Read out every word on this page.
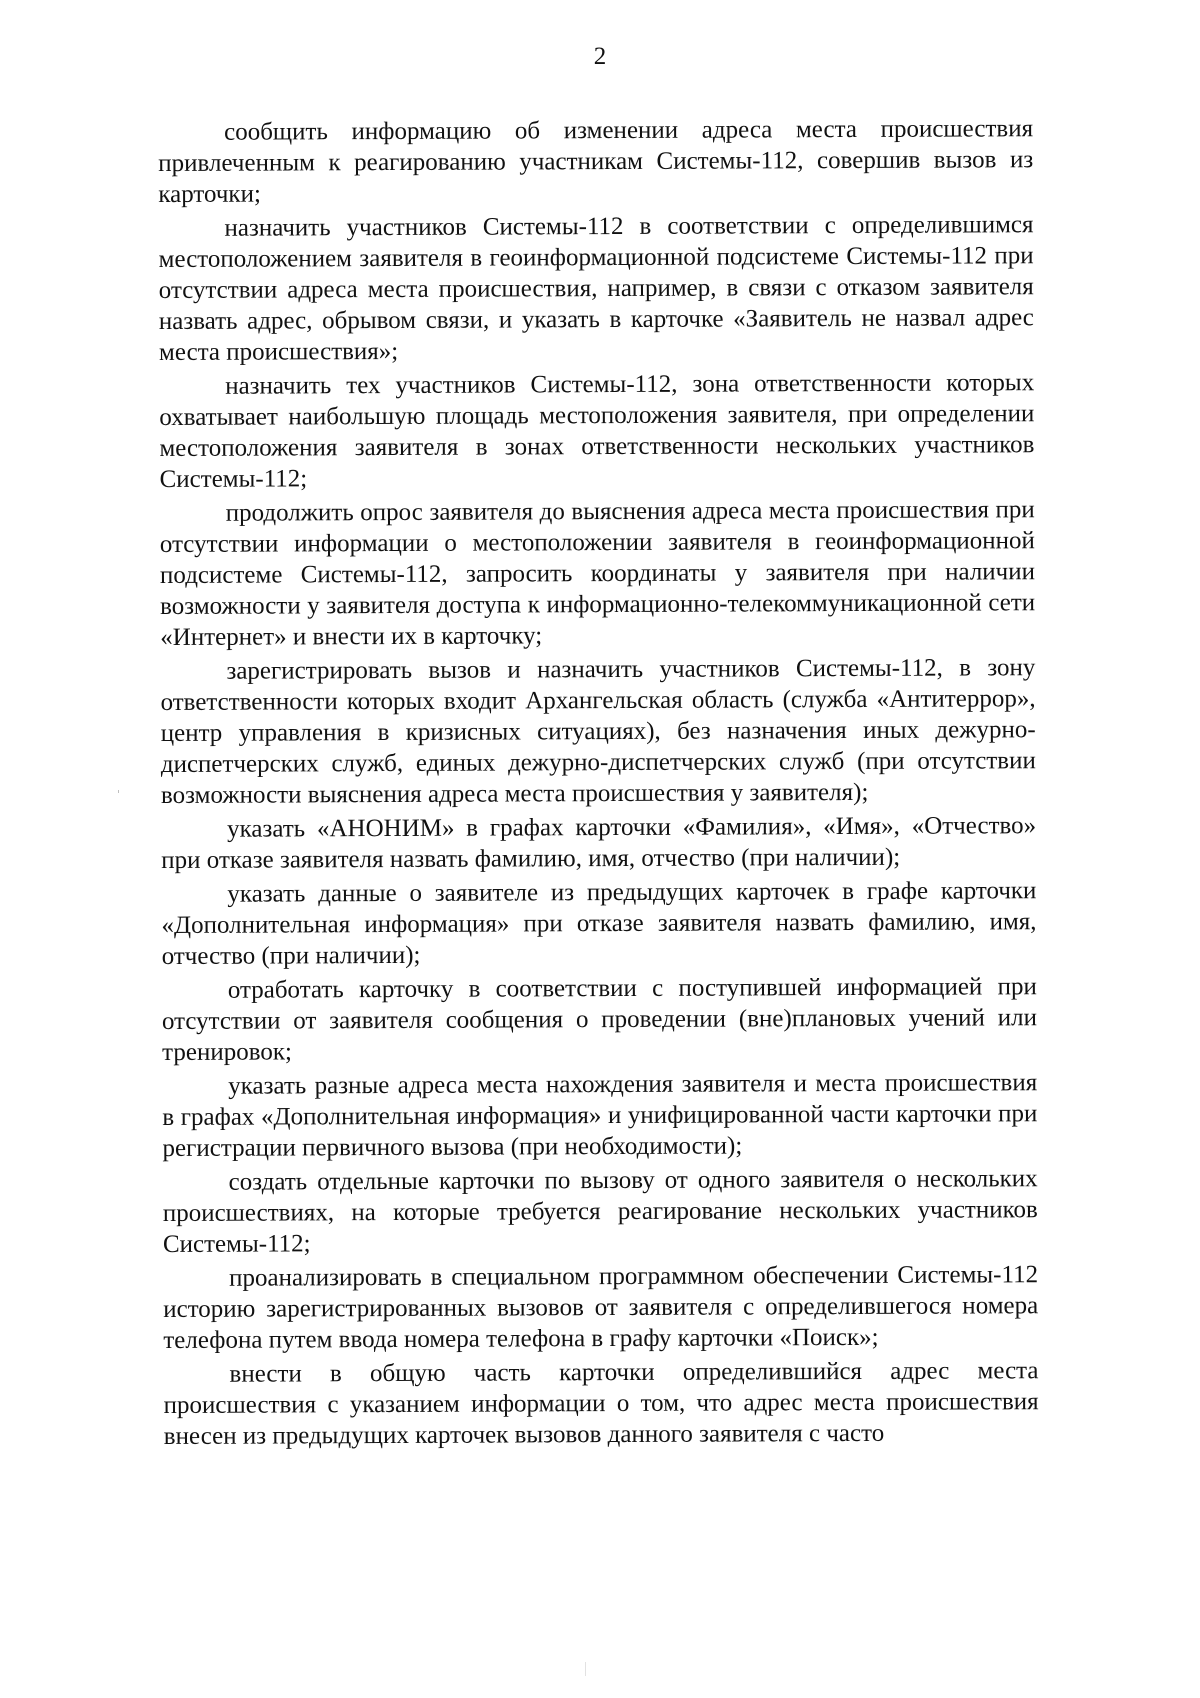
2

сообщить информацию об изменении адреса места происшествия привлеченным к реагированию участникам Системы-112, совершив вызов из карточки;

назначить участников Системы-112 в соответствии с определившимся местоположением заявителя в геоинформационной подсистеме Системы-112 при отсутствии адреса места происшествия, например, в связи с отказом заявителя назвать адрес, обрывом связи, и указать в карточке «Заявитель не назвал адрес места происшествия»;

назначить тех участников Системы-112, зона ответственности которых охватывает наибольшую площадь местоположения заявителя, при определении местоположения заявителя в зонах ответственности нескольких участников Системы-112;

продолжить опрос заявителя до выяснения адреса места происшествия при отсутствии информации о местоположении заявителя в геоинформационной подсистеме Системы-112, запросить координаты у заявителя при наличии возможности у заявителя доступа к информационно-телекоммуникационной сети «Интернет» и внести их в карточку;

зарегистрировать вызов и назначить участников Системы-112, в зону ответственности которых входит Архангельская область (служба «Антитеррор», центр управления в кризисных ситуациях), без назначения иных дежурно-диспетчерских служб, единых дежурно-диспетчерских служб (при отсутствии возможности выяснения адреса места происшествия у заявителя);

указать «АНОНИМ» в графах карточки «Фамилия», «Имя», «Отчество» при отказе заявителя назвать фамилию, имя, отчество (при наличии);

указать данные о заявителе из предыдущих карточек в графе карточки «Дополнительная информация» при отказе заявителя назвать фамилию, имя, отчество (при наличии);

отработать карточку в соответствии с поступившей информацией при отсутствии от заявителя сообщения о проведении (вне)плановых учений или тренировок;

указать разные адреса места нахождения заявителя и места происшествия в графах «Дополнительная информация» и унифицированной части карточки при регистрации первичного вызова (при необходимости);

создать отдельные карточки по вызову от одного заявителя о нескольких происшествиях, на которые требуется реагирование нескольких участников Системы-112;

проанализировать в специальном программном обеспечении Системы-112 историю зарегистрированных вызовов от заявителя с определившегося номера телефона путем ввода номера телефона в графу карточки «Поиск»;

внести в общую часть карточки определившийся адрес места происшествия с указанием информации о том, что адрес места происшествия внесен из предыдущих карточек вызовов данного заявителя с часто
